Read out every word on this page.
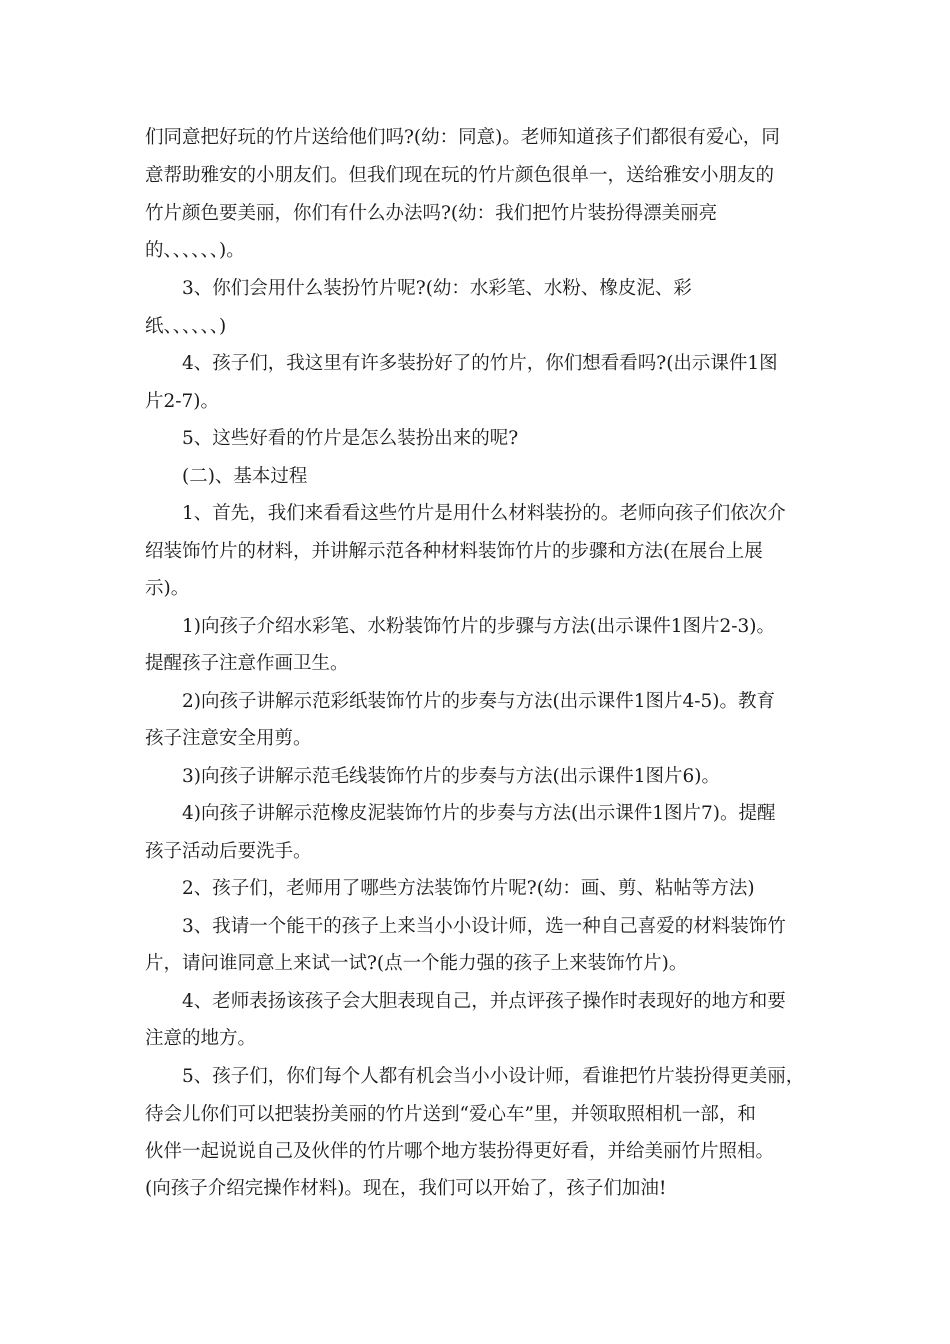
们同意把好玩的竹片送给他们吗?(幼：同意)。老师知道孩子们都很有爱心，同
意帮助雅安的小朋友们。但我们现在玩的竹片颜色很单一，送给雅安小朋友的
竹片颜色要美丽，你们有什么办法吗?(幼：我们把竹片装扮得漂美丽亮
的、、、、、、)。
3、你们会用什么装扮竹片呢?(幼：水彩笔、水粉、橡皮泥、彩
纸、、、、、、)
4、孩子们，我这里有许多装扮好了的竹片，你们想看看吗?(出示课件1图
片2-7)。
5、这些好看的竹片是怎么装扮出来的呢?
(二)、基本过程
1、首先，我们来看看这些竹片是用什么材料装扮的。老师向孩子们依次介
绍装饰竹片的材料，并讲解示范各种材料装饰竹片的步骤和方法(在展台上展
示)。
1)向孩子介绍水彩笔、水粉装饰竹片的步骤与方法(出示课件1图片2-3)。
提醒孩子注意作画卫生。
2)向孩子讲解示范彩纸装饰竹片的步奏与方法(出示课件1图片4-5)。教育
孩子注意安全用剪。
3)向孩子讲解示范毛线装饰竹片的步奏与方法(出示课件1图片6)。
4)向孩子讲解示范橡皮泥装饰竹片的步奏与方法(出示课件1图片7)。提醒
孩子活动后要洗手。
2、孩子们，老师用了哪些方法装饰竹片呢?(幼：画、剪、粘帖等方法)
3、我请一个能干的孩子上来当小小设计师，选一种自己喜爱的材料装饰竹
片，请问谁同意上来试一试?(点一个能力强的孩子上来装饰竹片)。
4、老师表扬该孩子会大胆表现自己，并点评孩子操作时表现好的地方和要
注意的地方。
5、孩子们，你们每个人都有机会当小小设计师，看谁把竹片装扮得更美丽，
待会儿你们可以把装扮美丽的竹片送到“爱心车”里，并领取照相机一部，和
伙伴一起说说自己及伙伴的竹片哪个地方装扮得更好看，并给美丽竹片照相。
(向孩子介绍完操作材料)。现在，我们可以开始了，孩子们加油!
